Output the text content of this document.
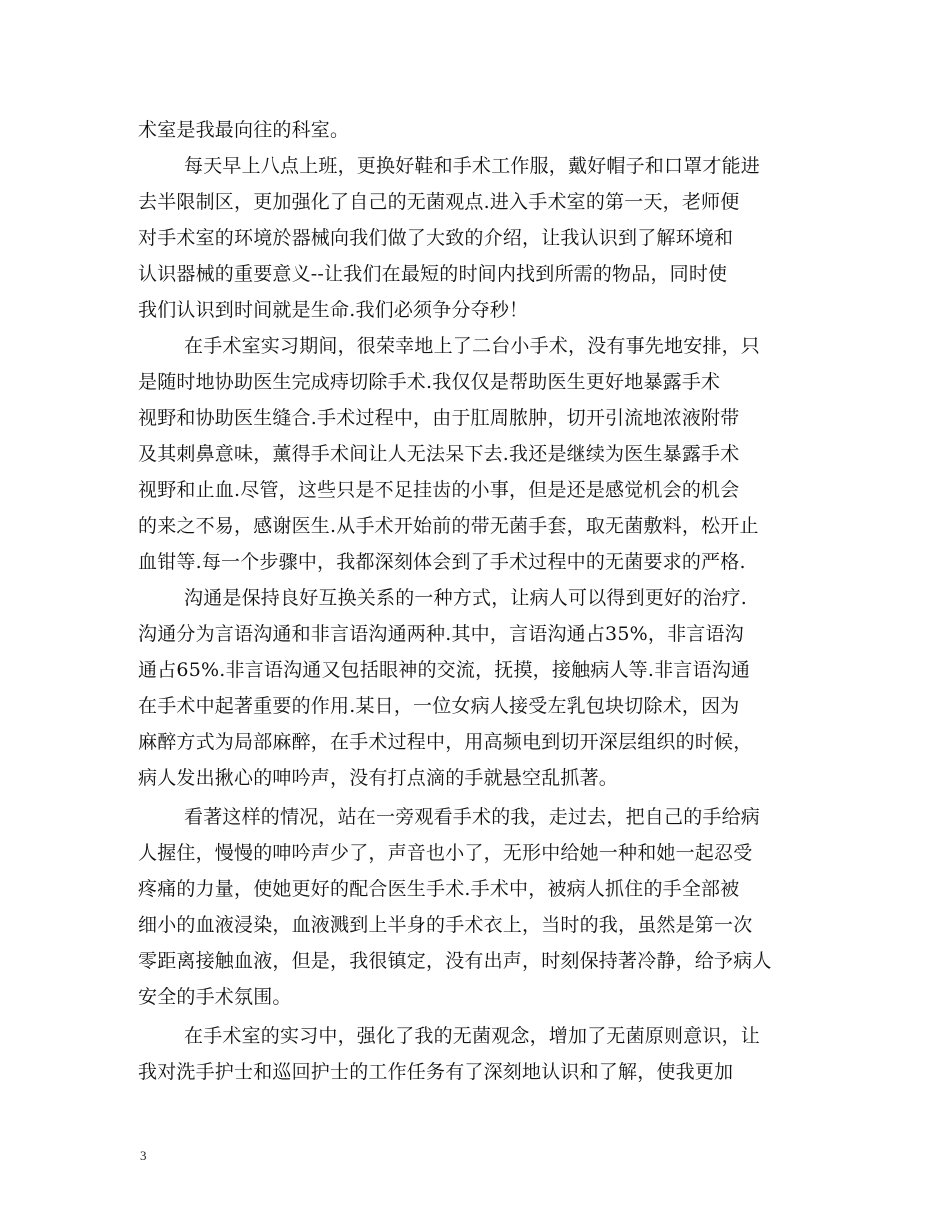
术室是我最向往的科室。
每天早上八点上班，更换好鞋和手术工作服，戴好帽子和口罩才能进
去半限制区，更加强化了自己的无菌观点.进入手术室的第一天，老师便
对手术室的环境於器械向我们做了大致的介绍，让我认识到了解环境和
认识器械的重要意义--让我们在最短的时间内找到所需的物品，同时使
我们认识到时间就是生命.我们必须争分夺秒！
在手术室实习期间，很荣幸地上了二台小手术，没有事先地安排，只
是随时地协助医生完成痔切除手术.我仅仅是帮助医生更好地暴露手术
视野和协助医生缝合.手术过程中，由于肛周脓肿，切开引流地浓液附带
及其刺鼻意味，薰得手术间让人无法呆下去.我还是继续为医生暴露手术
视野和止血.尽管，这些只是不足挂齿的小事，但是还是感觉机会的机会
的来之不易，感谢医生.从手术开始前的带无菌手套，取无菌敷料，松开止
血钳等.每一个步骤中，我都深刻体会到了手术过程中的无菌要求的严格.
沟通是保持良好互换关系的一种方式，让病人可以得到更好的治疗.
沟通分为言语沟通和非言语沟通两种.其中，言语沟通占35%，非言语沟
通占65%.非言语沟通又包括眼神的交流，抚摸，接触病人等.非言语沟通
在手术中起著重要的作用.某日，一位女病人接受左乳包块切除术，因为
麻醉方式为局部麻醉，在手术过程中，用高频电到切开深层组织的时候，
病人发出揪心的呻吟声，没有打点滴的手就悬空乱抓著。
看著这样的情况，站在一旁观看手术的我，走过去，把自己的手给病
人握住，慢慢的呻吟声少了，声音也小了，无形中给她一种和她一起忍受
疼痛的力量，使她更好的配合医生手术.手术中，被病人抓住的手全部被
细小的血液浸染，血液溅到上半身的手术衣上，当时的我，虽然是第一次
零距离接触血液，但是，我很镇定，没有出声，时刻保持著冷静，给予病人
安全的手术氛围。
在手术室的实习中，强化了我的无菌观念，增加了无菌原则意识，让
我对洗手护士和巡回护士的工作任务有了深刻地认识和了解，使我更加
3
